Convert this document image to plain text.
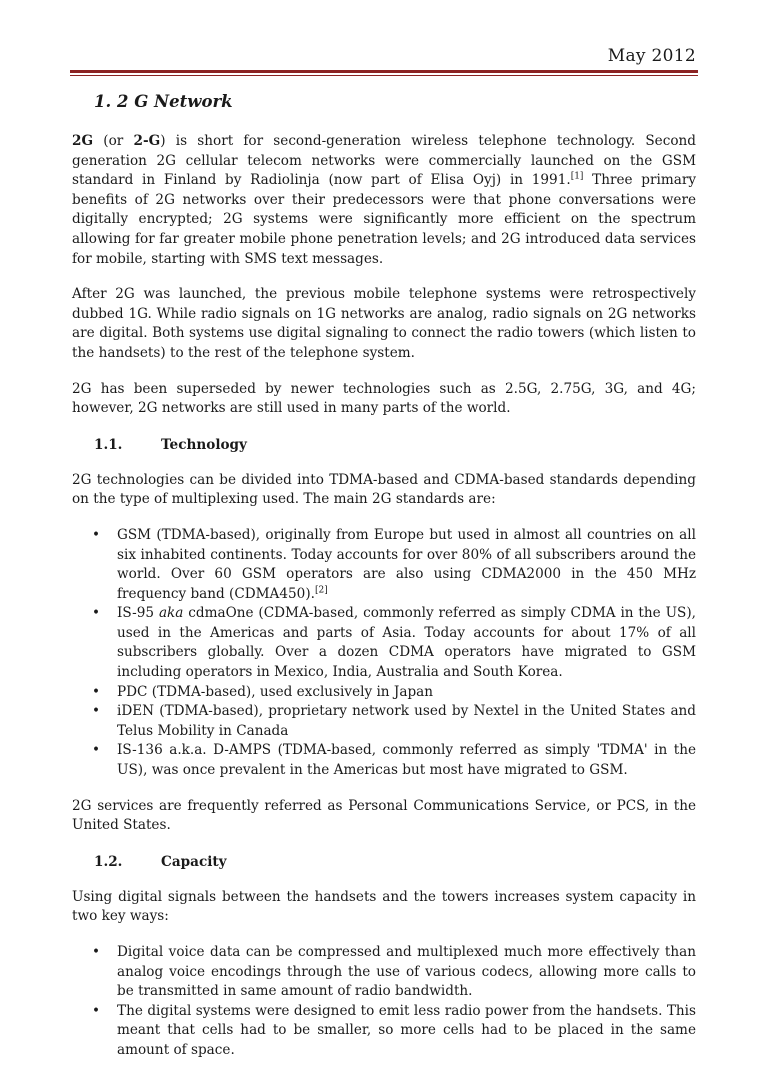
May 2012
1. 2 G Network

2G (or 2-G) is short for second-generation wireless telephone technology. Second generation 2G cellular telecom networks were commercially launched on the GSM standard in Finland by Radiolinja (now part of Elisa Oyj) in 1991.[1] Three primary benefits of 2G networks over their predecessors were that phone conversations were digitally encrypted; 2G systems were significantly more efficient on the spectrum allowing for far greater mobile phone penetration levels; and 2G introduced data services for mobile, starting with SMS text messages.

After 2G was launched, the previous mobile telephone systems were retrospectively dubbed 1G. While radio signals on 1G networks are analog, radio signals on 2G networks are digital. Both systems use digital signaling to connect the radio towers (which listen to the handsets) to the rest of the telephone system.

2G has been superseded by newer technologies such as 2.5G, 2.75G, 3G, and 4G; however, 2G networks are still used in many parts of the world.

1.1.	Technology

2G technologies can be divided into TDMA-based and CDMA-based standards depending on the type of multiplexing used. The main 2G standards are:

• GSM (TDMA-based), originally from Europe but used in almost all countries on all six inhabited continents. Today accounts for over 80% of all subscribers around the world. Over 60 GSM operators are also using CDMA2000 in the 450 MHz frequency band (CDMA450).[2]
• IS-95 aka cdmaOne (CDMA-based, commonly referred as simply CDMA in the US), used in the Americas and parts of Asia. Today accounts for about 17% of all subscribers globally. Over a dozen CDMA operators have migrated to GSM including operators in Mexico, India, Australia and South Korea.
• PDC (TDMA-based), used exclusively in Japan
• iDEN (TDMA-based), proprietary network used by Nextel in the United States and Telus Mobility in Canada
• IS-136 a.k.a. D-AMPS (TDMA-based, commonly referred as simply 'TDMA' in the US), was once prevalent in the Americas but most have migrated to GSM.

2G services are frequently referred as Personal Communications Service, or PCS, in the United States.

1.2.	Capacity

Using digital signals between the handsets and the towers increases system capacity in two key ways:

• Digital voice data can be compressed and multiplexed much more effectively than analog voice encodings through the use of various codecs, allowing more calls to be transmitted in same amount of radio bandwidth.
• The digital systems were designed to emit less radio power from the handsets. This meant that cells had to be smaller, so more cells had to be placed in the same amount of space.
